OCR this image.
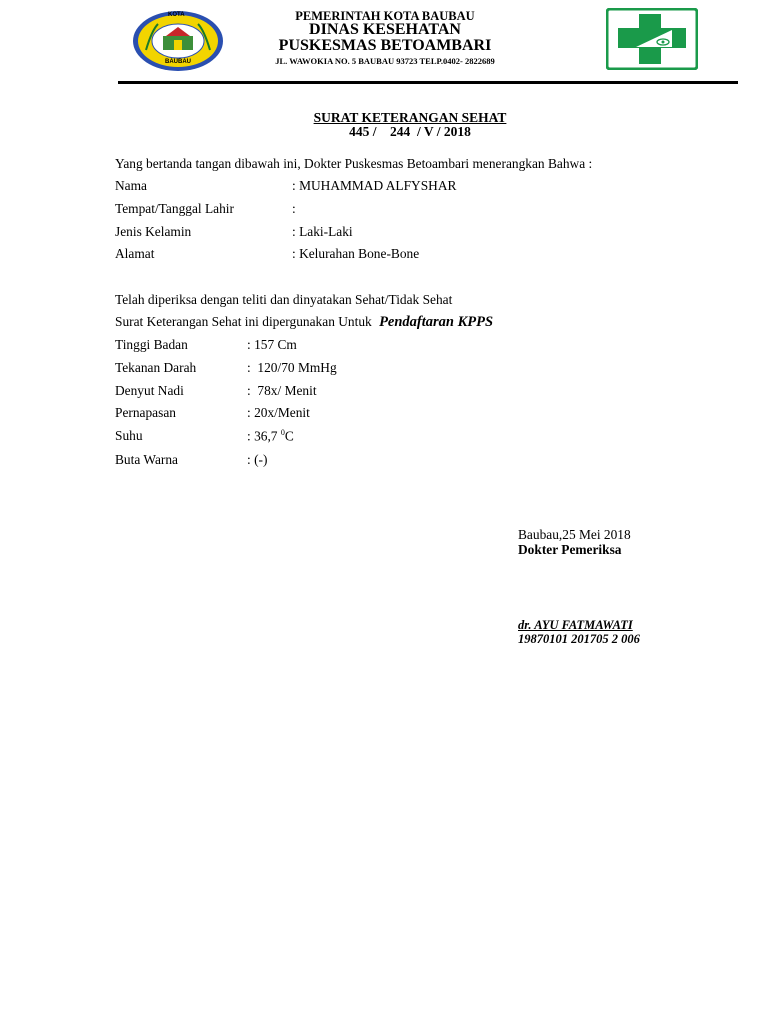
KOTA
BAUBAU
PEMERINTAH KOTA BAUBAU
DINAS KESEHATAN
PUSKESMAS BETOAMBARI
JL. WAWOKIA NO. 5 BAUBAU 93723 TELP.0402- 2822689
SURAT KETERANGAN SEHAT
445 /    244  / V / 2018
Yang bertanda tangan dibawah ini, Dokter Puskesmas Betoambari menerangkan Bahwa :
Nama	: MUHAMMAD ALFYSHAR
Tempat/Tanggal Lahir	:
Jenis Kelamin	: Laki-Laki
Alamat	: Kelurahan Bone-Bone
Telah diperiksa dengan teliti dan dinyatakan Sehat/Tidak Sehat
Surat Keterangan Sehat ini dipergunakan Untuk Pendaftaran KPPS
Tinggi Badan	: 157 Cm
Tekanan Darah	:  120/70 MmHg
Denyut Nadi	:  78x/ Menit
Pernapasan	: 20x/Menit
Suhu	: 36,7 $^0$C
Buta Warna	: (-)
Baubau,25 Mei 2018
Dokter Pemeriksa
dr. AYU FATMAWATI
19870101 201705 2 006
